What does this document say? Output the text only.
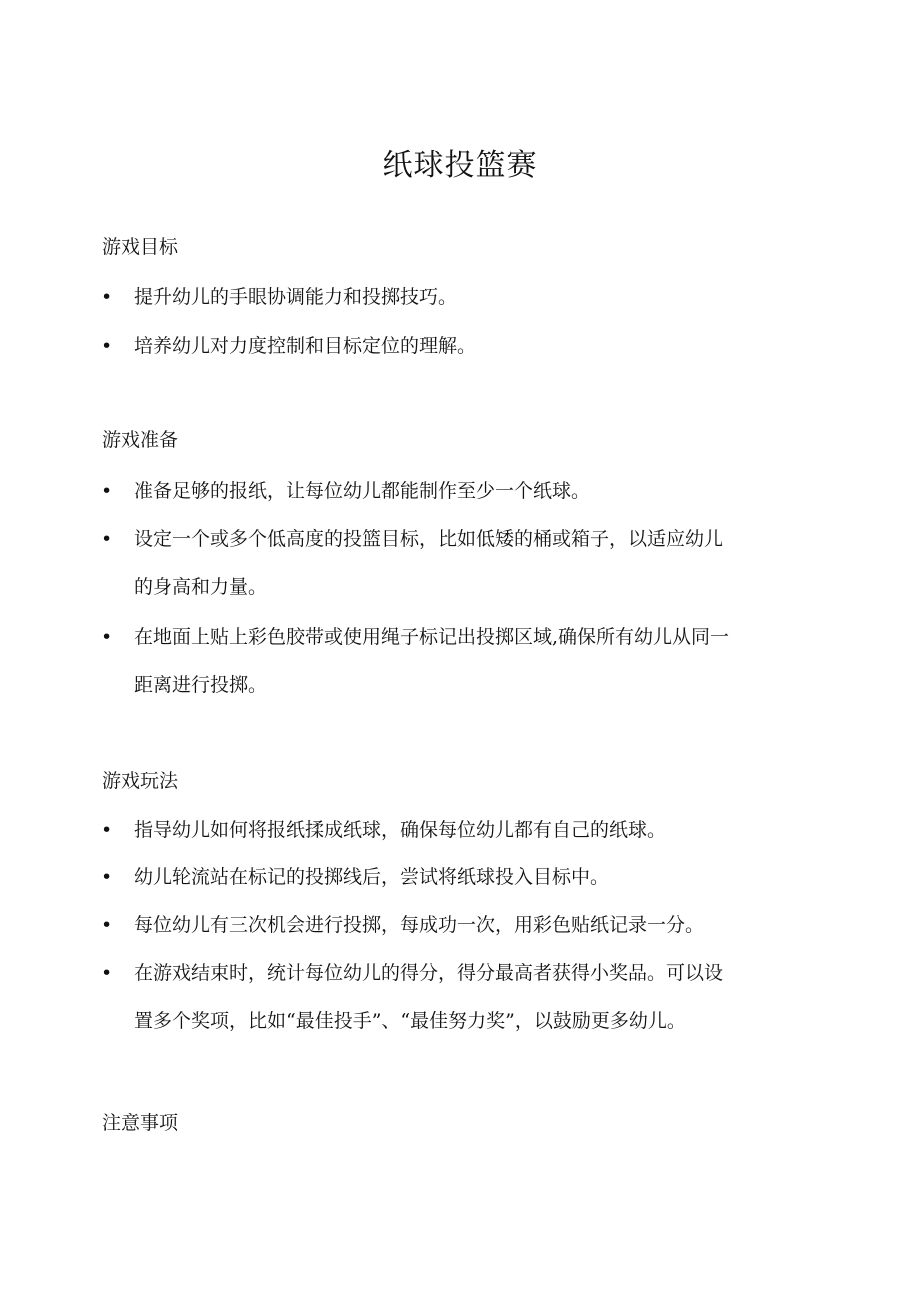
纸球投篮赛
游戏目标
• 提升幼儿的手眼协调能力和投掷技巧。
• 培养幼儿对力度控制和目标定位的理解。
游戏准备
• 准备足够的报纸，让每位幼儿都能制作至少一个纸球。
• 设定一个或多个低高度的投篮目标，比如低矮的桶或箱子，以适应幼儿
的身高和力量。
• 在地面上贴上彩色胶带或使用绳子标记出投掷区域,确保所有幼儿从同一
距离进行投掷。
游戏玩法
• 指导幼儿如何将报纸揉成纸球，确保每位幼儿都有自己的纸球。
• 幼儿轮流站在标记的投掷线后，尝试将纸球投入目标中。
• 每位幼儿有三次机会进行投掷，每成功一次，用彩色贴纸记录一分。
• 在游戏结束时，统计每位幼儿的得分，得分最高者获得小奖品。可以设
置多个奖项，比如“最佳投手”、“最佳努力奖”，以鼓励更多幼儿。
注意事项
